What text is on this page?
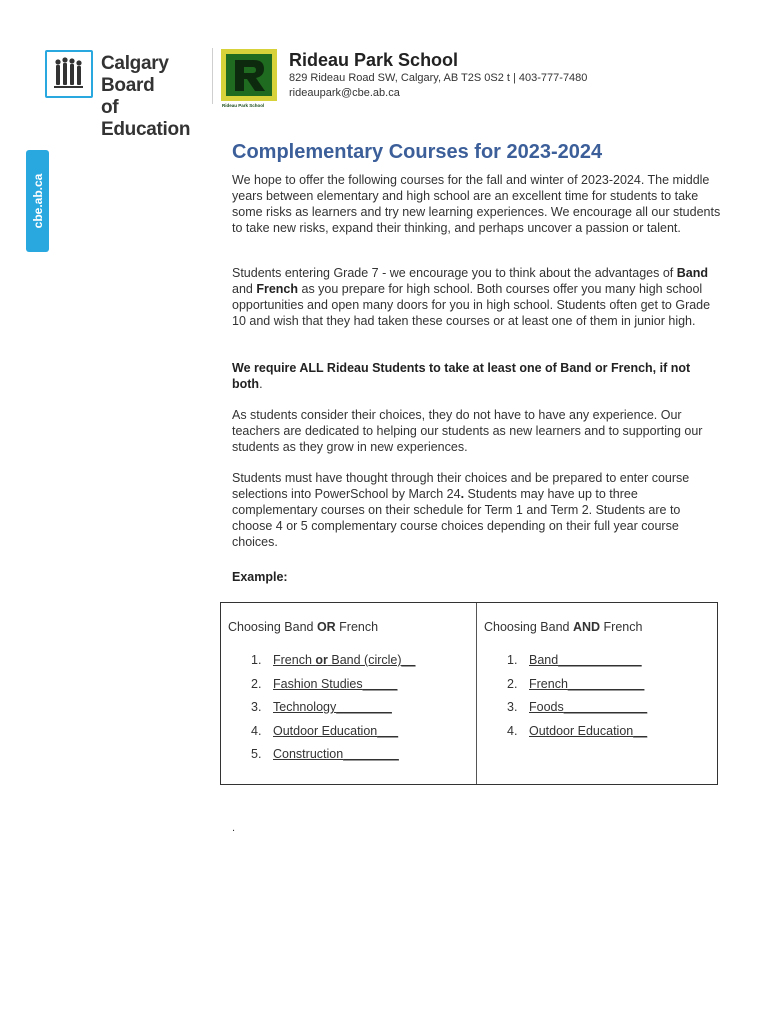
Calgary Board
of Education
Rideau Park School
Rideau Park School
829 Rideau Road SW, Calgary, AB T2S 0S2 t | 403-777-7480
rideaupark@cbe.ab.ca
cbe.ab.ca
Complementary Courses for 2023-2024

We hope to offer the following courses for the fall and winter of 2023-2024. The middle years between elementary and high school are an excellent time for students to take some risks as learners and try new learning experiences. We encourage all our students to take new risks, expand their thinking, and perhaps uncover a passion or talent.

Students entering Grade 7 - we encourage you to think about the advantages of Band and French as you prepare for high school. Both courses offer you many high school opportunities and open many doors for you in high school. Students often get to Grade 10 and wish that they had taken these courses or at least one of them in junior high.

We require ALL Rideau Students to take at least one of Band or French, if not both.

As students consider their choices, they do not have to have any experience. Our teachers are dedicated to helping our students as new learners and to supporting our students as they grow in new experiences.

Students must have thought through their choices and be prepared to enter course selections into PowerSchool by March 24. Students may have up to three complementary courses on their schedule for Term 1 and Term 2. Students are to choose 4 or 5 complementary course choices depending on their full year course choices.

Example:
Choosing Band OR French
1. French or Band (circle)__
2. Fashion Studies_____
3. Technology________
4. Outdoor Education___
5. Construction________
Choosing Band AND French
1. Band____________
2. French___________
3. Foods____________
4. Outdoor Education__
.
